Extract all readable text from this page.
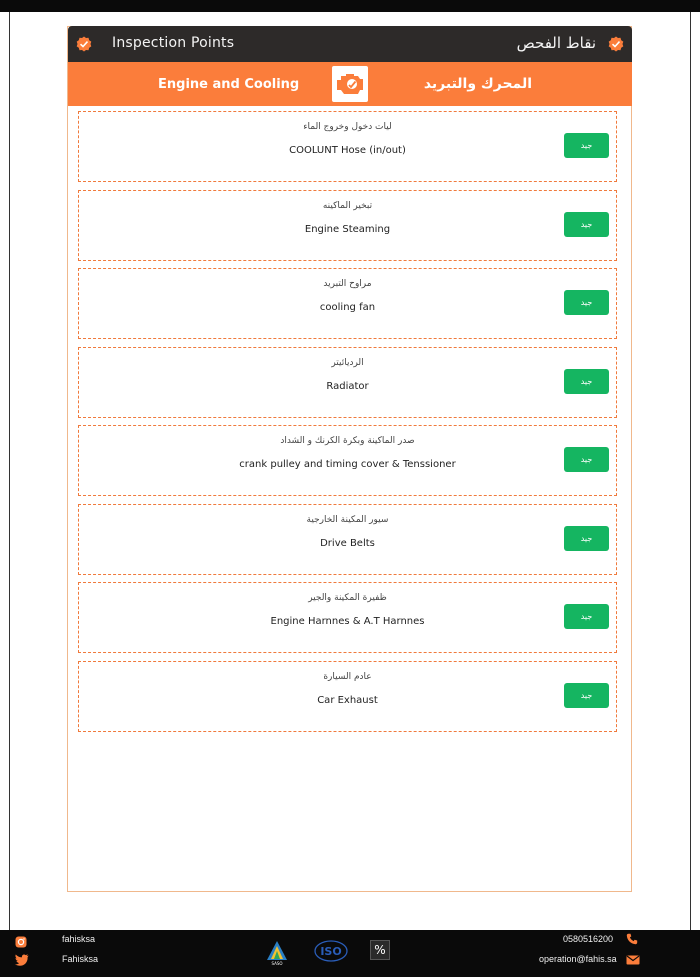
Inspection Points	نقاط الفحص
Engine and Cooling	المحرك والتبريد
ليات دخول وخروج الماء
COOLUNT Hose (in/out)	جيد
تبخير الماكينه
Engine Steaming	جيد
مراوح التبريد
cooling fan	جيد
الرديائيتر
Radiator	جيد
صدر الماكينة وبكرة الكرنك و الشداد
crank pulley and timing cover & Tenssioner	جيد
سيور المكينة الخارجية
Drive Belts	جيد
ظفيرة المكينة والجير
Engine Harnnes & A.T Harnnes	جيد
عادم السيارة
Car Exhaust	جيد
fahisksa
Fahisksa	SASO
ISO	%
0580516200
operation@fahis.sa
